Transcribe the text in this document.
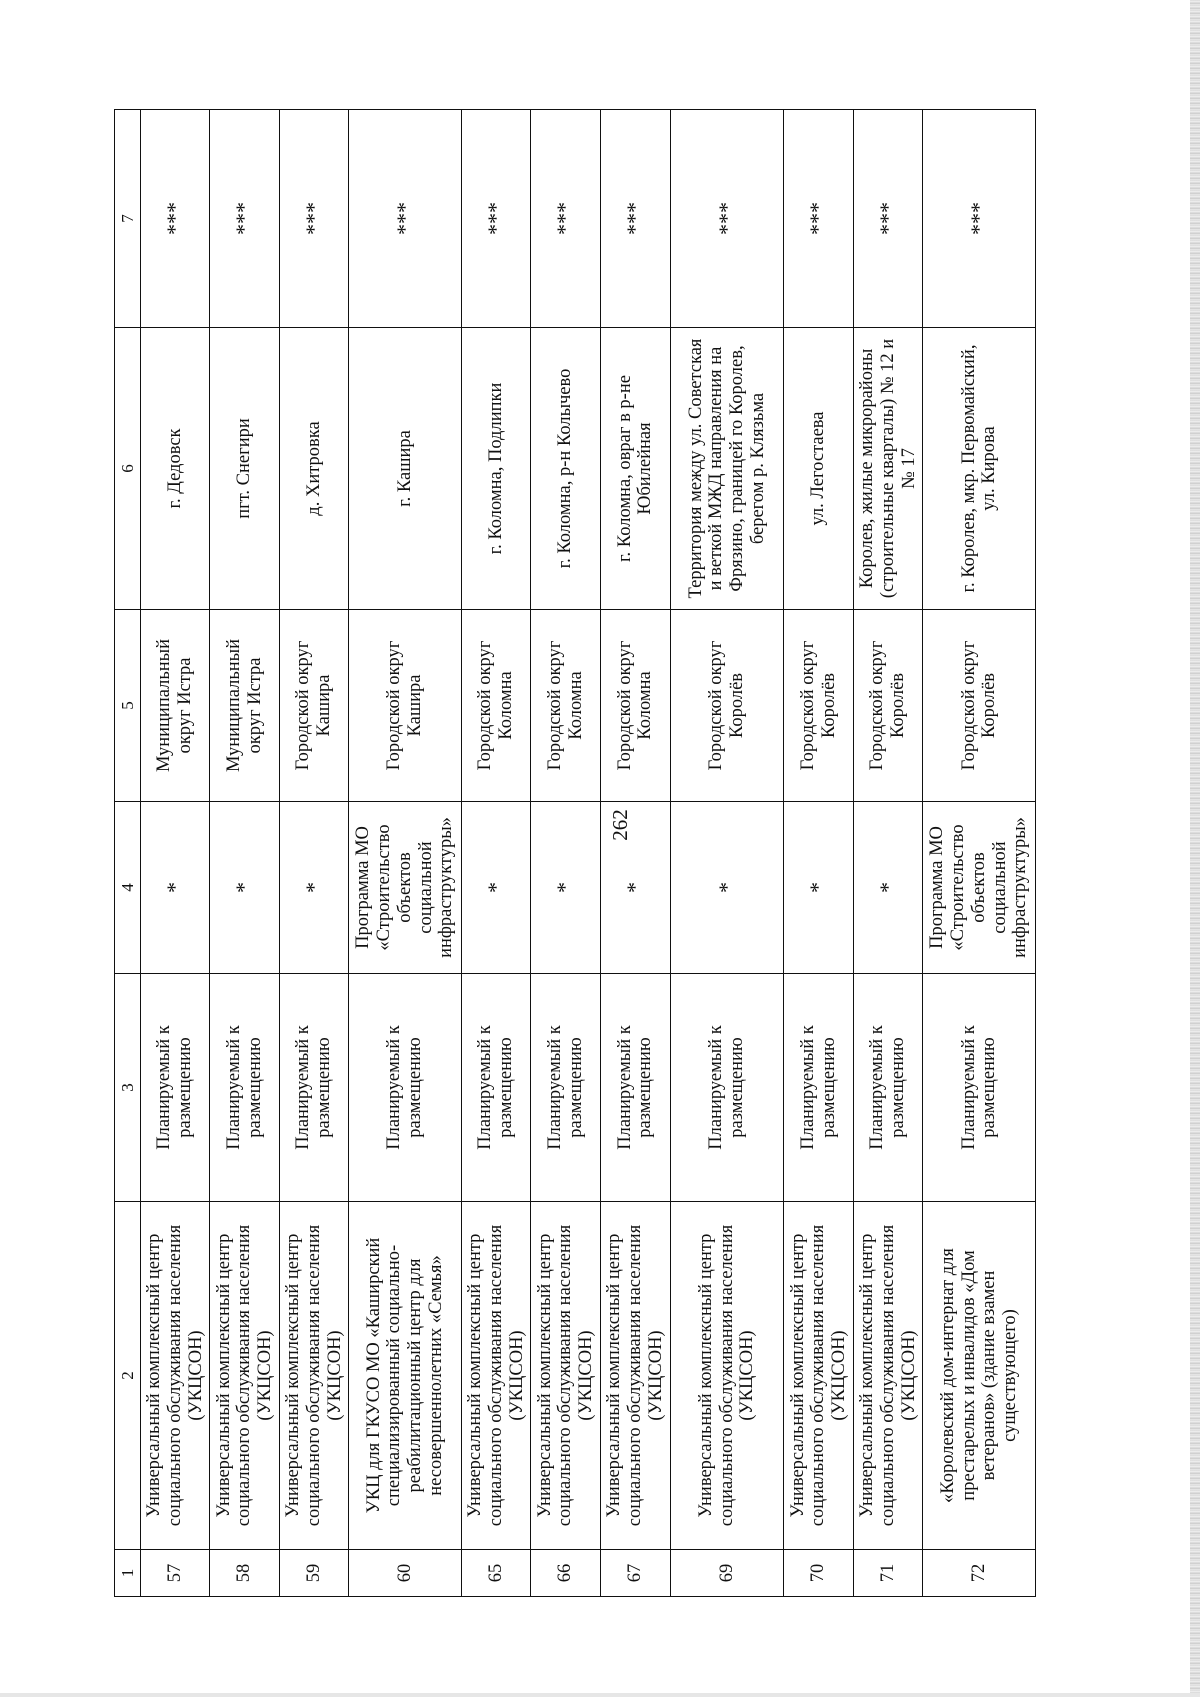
262
1	2	3	4	5	6	7
57	Универсальный комплексный центр социального обслуживания населения (УКЦСОН)	Планируемый к размещению	*	Муниципальный округ Истра	г. Дедовск	***
58	Универсальный комплексный центр социального обслуживания населения (УКЦСОН)	Планируемый к размещению	*	Муниципальный округ Истра	пгт. Снегири	***
59	Универсальный комплексный центр социального обслуживания населения (УКЦСОН)	Планируемый к размещению	*	Городской округ Кашира	д. Хитровка	***
60	УКЦ для ГКУСО МО «Каширский специализированный социально-реабилитационный центр для несовершеннолетних «Семья»	Планируемый к размещению	Программа МО «Строительство объектов социальной инфраструктуры»	Городской округ Кашира	г. Кашира	***
65	Универсальный комплексный центр социального обслуживания населения (УКЦСОН)	Планируемый к размещению	*	Городской округ Коломна	г. Коломна, Подлипки	***
66	Универсальный комплексный центр социального обслуживания населения (УКЦСОН)	Планируемый к размещению	*	Городской округ Коломна	г. Коломна, р-н Колычево	***
67	Универсальный комплексный центр социального обслуживания населения (УКЦСОН)	Планируемый к размещению	*	Городской округ Коломна	г. Коломна, овраг в р-не Юбилейная	***
69	Универсальный комплексный центр социального обслуживания населения (УКЦСОН)	Планируемый к размещению	*	Городской округ Королёв	Территория между ул. Советская и веткой МЖД направления на Фрязино, границей го Королев, берегом р. Клязьма	***
70	Универсальный комплексный центр социального обслуживания населения (УКЦСОН)	Планируемый к размещению	*	Городской округ Королёв	ул. Легостаева	***
71	Универсальный комплексный центр социального обслуживания населения (УКЦСОН)	Планируемый к размещению	*	Городской округ Королёв	Королев, жилые микрорайоны (строительные кварталы) № 12 и № 17	***
72	«Королевский дом-интернат для престарелых и инвалидов «Дом ветеранов» (здание взамен существующего)	Планируемый к размещению	Программа МО «Строительство объектов социальной инфраструктуры»	Городской округ Королёв	г. Королев, мкр. Первомайский, ул. Кирова	***
